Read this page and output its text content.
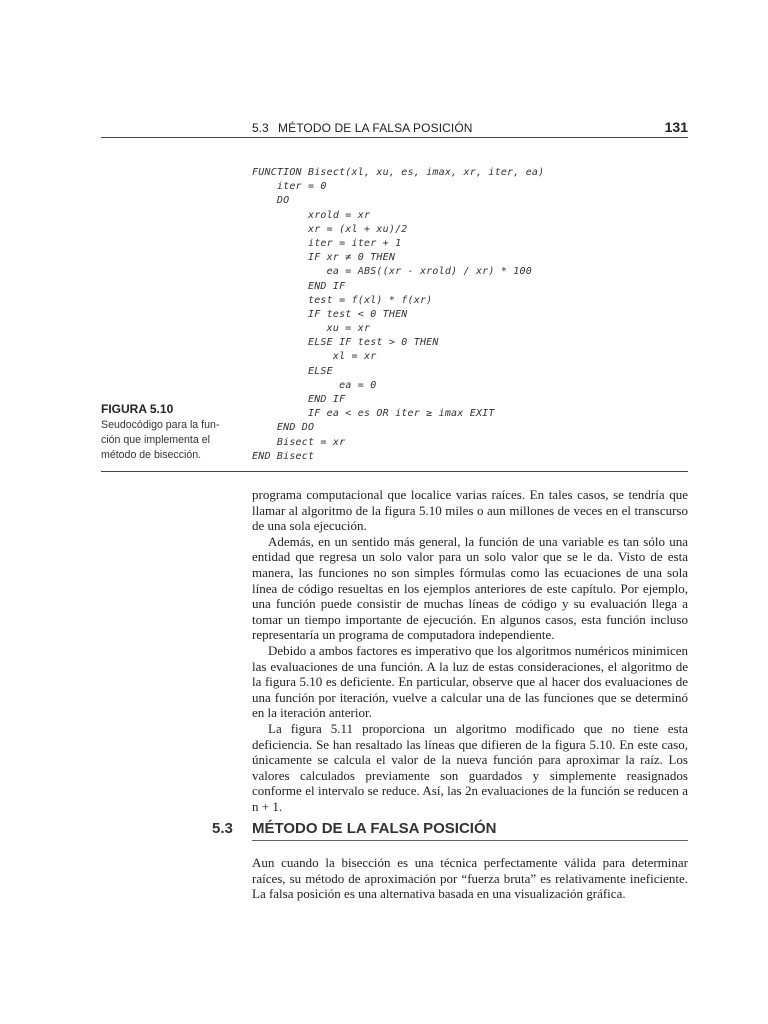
5.3 MÉTODO DE LA FALSA POSICIÓN	131
FUNCTION Bisect(xl, xu, es, imax, xr, iter, ea)
iter = 0
DO
xrold = xr
xr = (xl + xu)/2
iter = iter + 1
IF xr ≠ 0 THEN
ea = ABS((xr - xrold) / xr) * 100
END IF
test = f(xl) * f(xr)
IF test < 0 THEN
xu = xr
ELSE IF test > 0 THEN
xl = xr
ELSE
ea = 0
END IF
IF ea < es OR iter ≥ imax EXIT
END DO
Bisect = xr
END Bisect
FIGURA 5.10
Seudocódigo para la fun-ción que implementa el método de bisección.

programa computacional que localice varias raíces. En tales casos, se tendría que llamar al algoritmo de la figura 5.10 miles o aun millones de veces en el transcurso de una sola ejecución.

Además, en un sentido más general, la función de una variable es tan sólo una entidad que regresa un solo valor para un solo valor que se le da. Visto de esta manera, las funciones no son simples fórmulas como las ecuaciones de una sola línea de código resueltas en los ejemplos anteriores de este capítulo. Por ejemplo, una función puede consistir de muchas líneas de código y su evaluación llega a tomar un tiempo importante de ejecución. En algunos casos, esta función incluso representaría un programa de computadora independiente.

Debido a ambos factores es imperativo que los algoritmos numéricos minimicen las evaluaciones de una función. A la luz de estas consideraciones, el algoritmo de la figura 5.10 es deficiente. En particular, observe que al hacer dos evaluaciones de una función por iteración, vuelve a calcular una de las funciones que se determinó en la iteración anterior.

La figura 5.11 proporciona un algoritmo modificado que no tiene esta deficiencia. Se han resaltado las líneas que difieren de la figura 5.10. En este caso, únicamente se calcula el valor de la nueva función para aproximar la raíz. Los valores calculados previamente son guardados y simplemente reasignados conforme el intervalo se reduce. Así, las 2n evaluaciones de la función se reducen a n + 1.

5.3	MÉTODO DE LA FALSA POSICIÓN

Aun cuando la bisección es una técnica perfectamente válida para determinar raíces, su método de aproximación por “fuerza bruta” es relativamente ineficiente. La falsa posición es una alternativa basada en una visualización gráfica.
